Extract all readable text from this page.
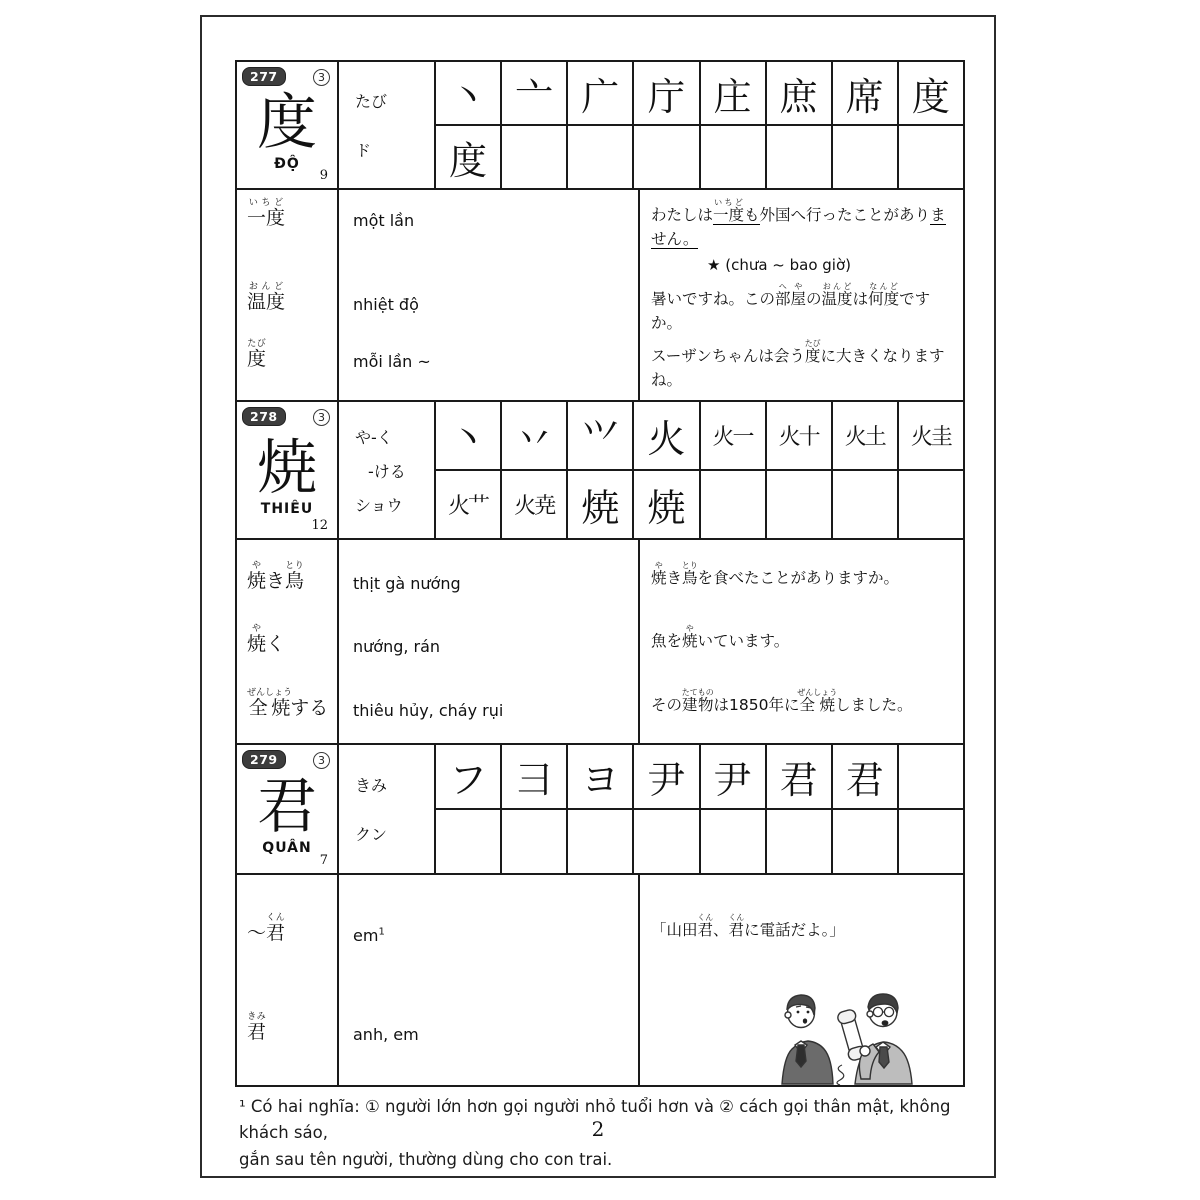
277	3
度
ĐỘ
9
たび
ド
丶 亠 广 庁 庄 庶 席 度
度
一度いちど
một lần	わたしは一度いちども外国へ行ったことがありません。
★ (chưa ~ bao giờ)
温度おんど
nhiệt độ	暑いですね。この部屋へやの温度おんどは何度なんどですか。
度たび
mỗi lần ~	スーザンちゃんは会う度たびに大きくなりますね。
278	3
焼
THIÊU
12
や-く
-ける
ショウ
丶 丷 ⺍ 火	火一	火十	火土	火圭
火艹	火尭 焼 焼
焼やき鳥とり
thịt gà nướng	焼やき鳥とりを食べたことがありますか。
焼やく	nướng, rán	魚を焼やいています。
全焼ぜんしょうする	thiêu hủy, cháy rụi	その建物たてものは1850年に全焼ぜんしょうしました。
279	3
君
QUÂN
7
きみ
クン
フ ⺕ ヨ 尹 尹 君 君
～君くん
$em^1$	「山田君くん、君くんに電話だよ。」
君きみ
anh, em
¹ Có hai nghĩa: ① người lớn hơn gọi người nhỏ tuổi hơn và ② cách gọi thân mật, không khách sáo,
gắn sau tên người, thường dùng cho con trai.
2
